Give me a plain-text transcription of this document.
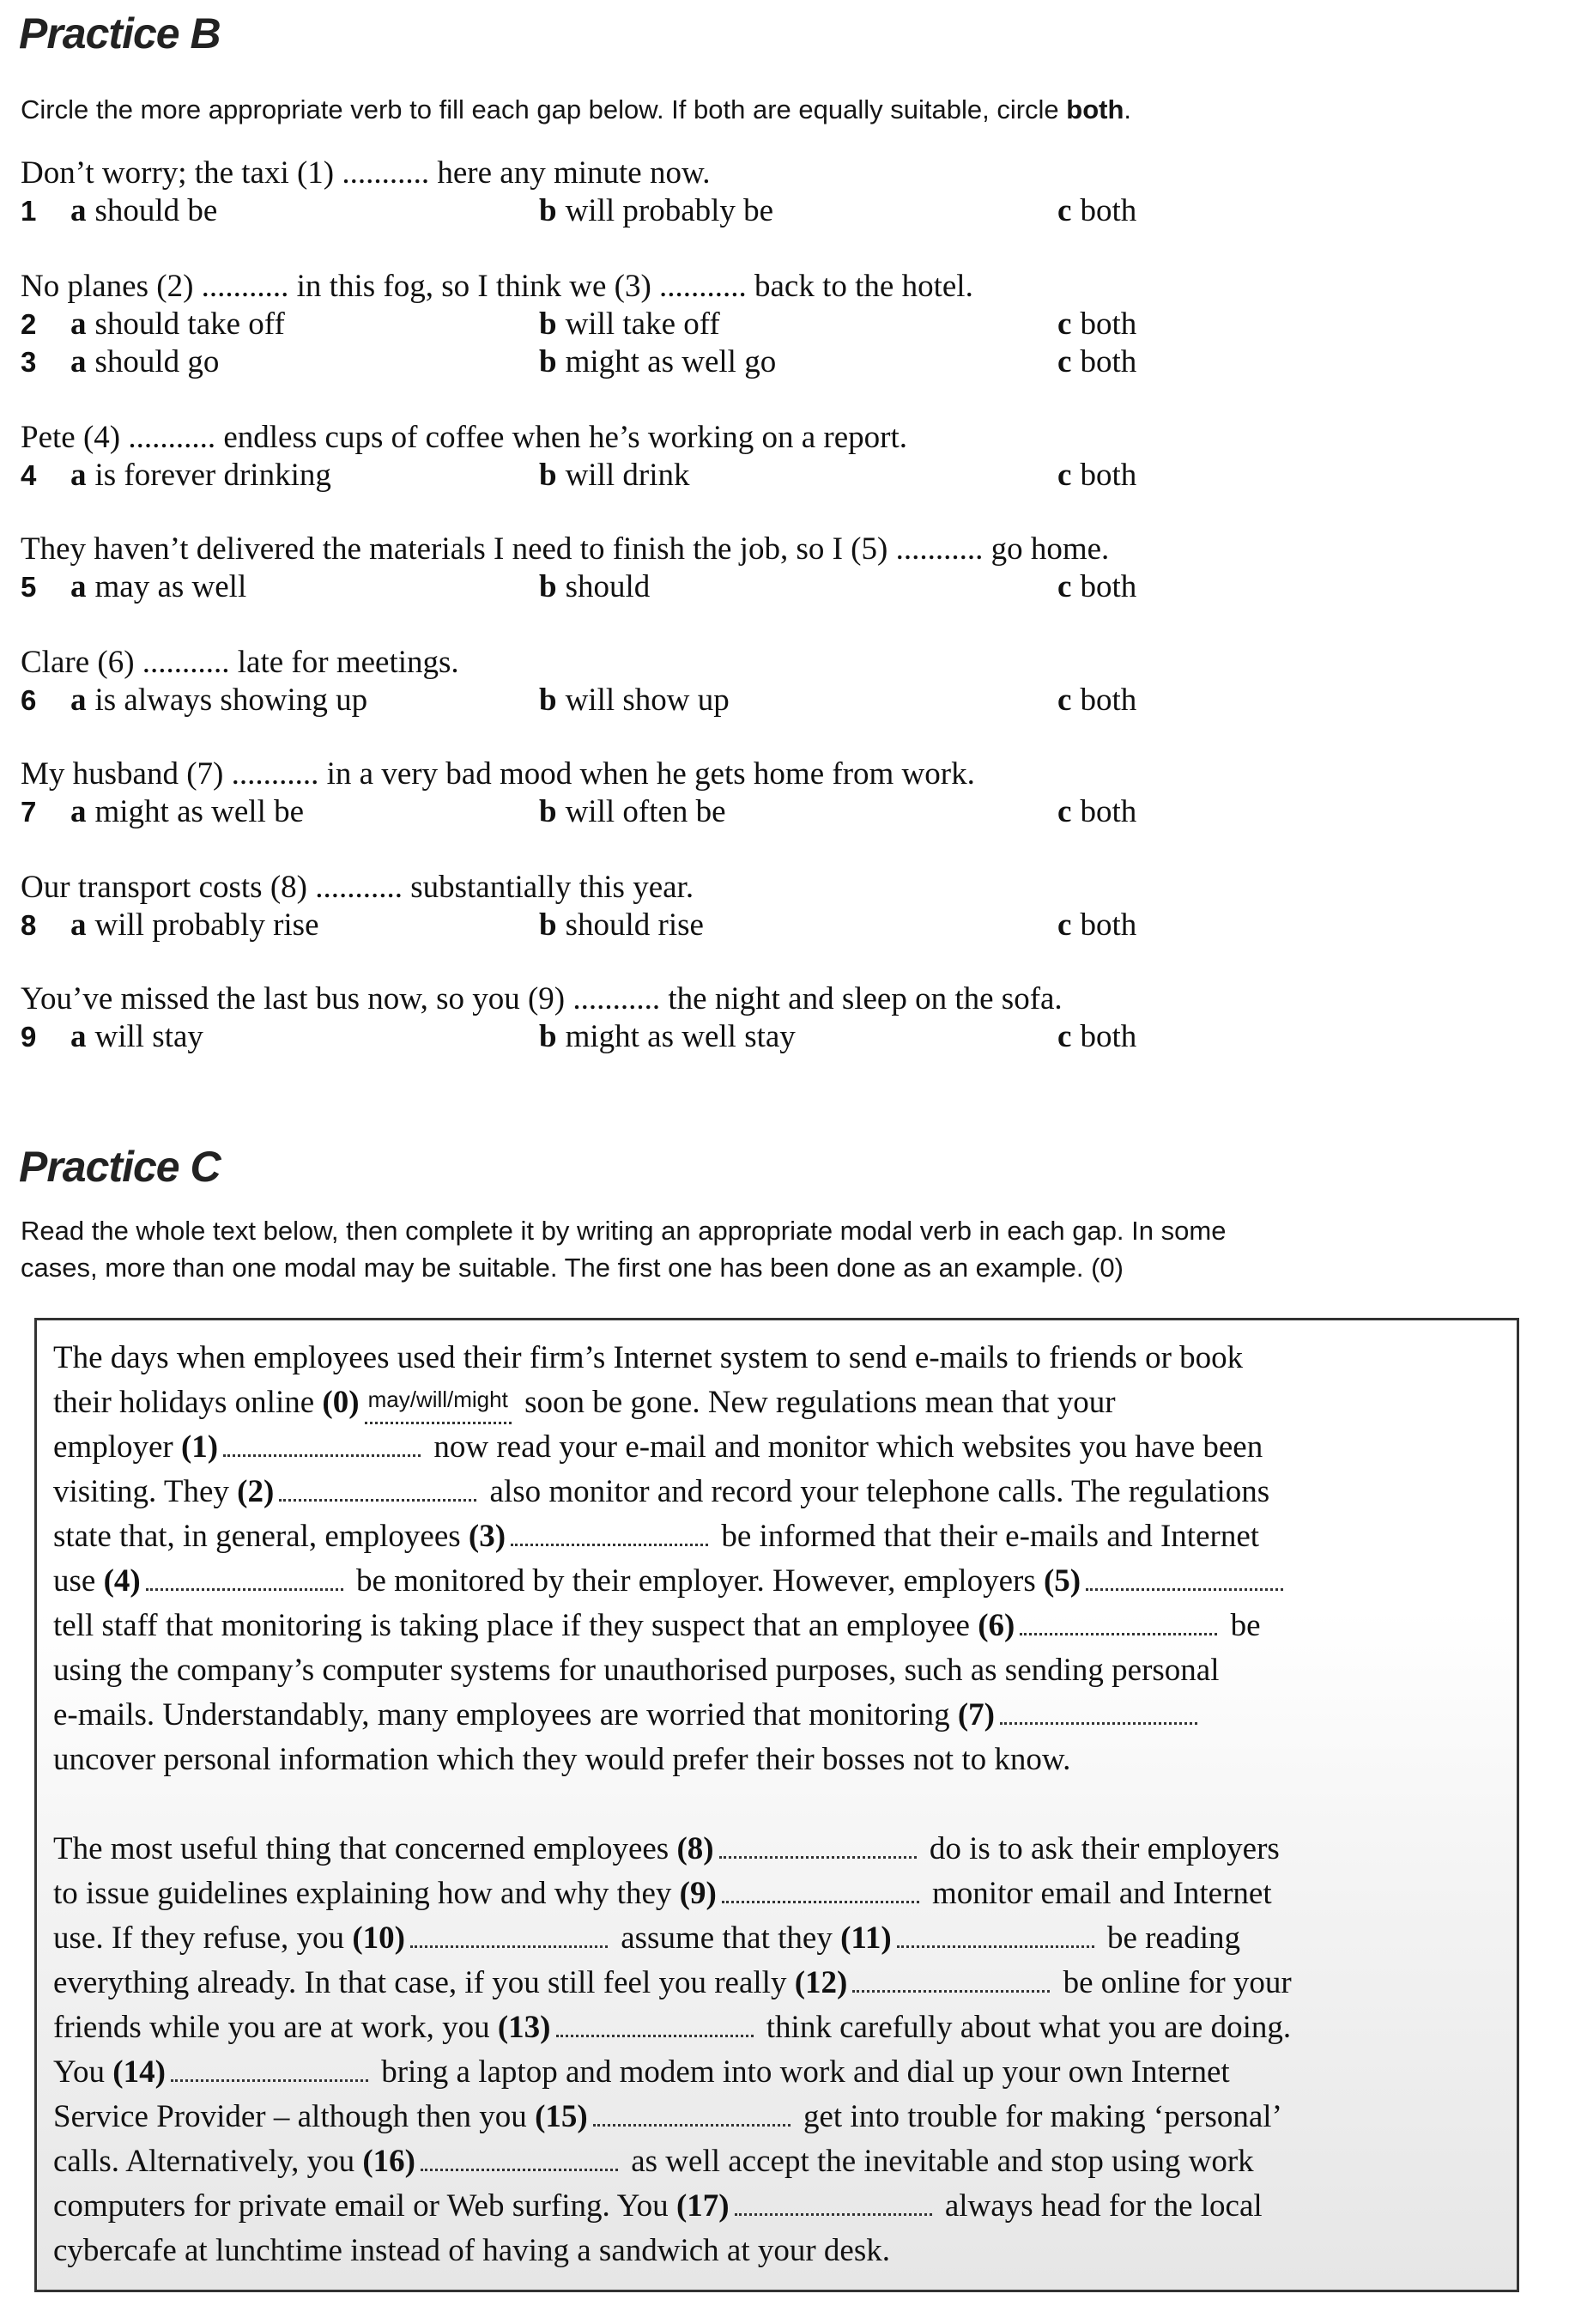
Practice B
Circle the more appropriate verb to fill each gap below. If both are equally suitable, circle both.
Don’t worry; the taxi (1) ........... here any minute now.
1 a should be	b will probably be	c both
No planes (2) ........... in this fog, so I think we (3) ........... back to the hotel.
2 a should take off	b will take off	c both
3 a should go	b might as well go	c both
Pete (4) ........... endless cups of coffee when he’s working on a report.
4 a is forever drinking	b will drink	c both
They haven’t delivered the materials I need to finish the job, so I (5) ........... go home.
5 a may as well	b should	c both
Clare (6) ........... late for meetings.
6 a is always showing up	b will show up	c both
My husband (7) ........... in a very bad mood when he gets home from work.
7 a might as well be	b will often be	c both
Our transport costs (8) ........... substantially this year.
8 a will probably rise	b should rise	c both
You’ve missed the last bus now, so you (9) ........... the night and sleep on the sofa.
9 a will stay	b might as well stay	c both
Practice C
Read the whole text below, then complete it by writing an appropriate modal verb in each gap. In some
cases, more than one modal may be suitable. The first one has been done as an example. (0)
The days when employees used their firm’s Internet system to send e-mails to friends or book
their holidays online (0) may/will/might soon be gone. New regulations mean that your
employer (1)	now read your e-mail and monitor which websites you have been
visiting. They (2)	also monitor and record your telephone calls. The regulations
state that, in general, employees (3)	be informed that their e-mails and Internet
use (4)	be monitored by their employer. However, employers (5)
tell staff that monitoring is taking place if they suspect that an employee (6)	be
using the company’s computer systems for unauthorised purposes, such as sending personal
e-mails. Understandably, many employees are worried that monitoring (7)
uncover personal information which they would prefer their bosses not to know.
The most useful thing that concerned employees (8)	do is to ask their employers
to issue guidelines explaining how and why they (9)	monitor email and Internet
use. If they refuse, you (10)	assume that they (11)	be reading
everything already. In that case, if you still feel you really (12)	be online for your
friends while you are at work, you (13)	think carefully about what you are doing.
You (14)	bring a laptop and modem into work and dial up your own Internet
Service Provider – although then you (15)	get into trouble for making ‘personal’
calls. Alternatively, you (16)	as well accept the inevitable and stop using work
computers for private email or Web surfing. You (17)	always head for the local
cybercafe at lunchtime instead of having a sandwich at your desk.
